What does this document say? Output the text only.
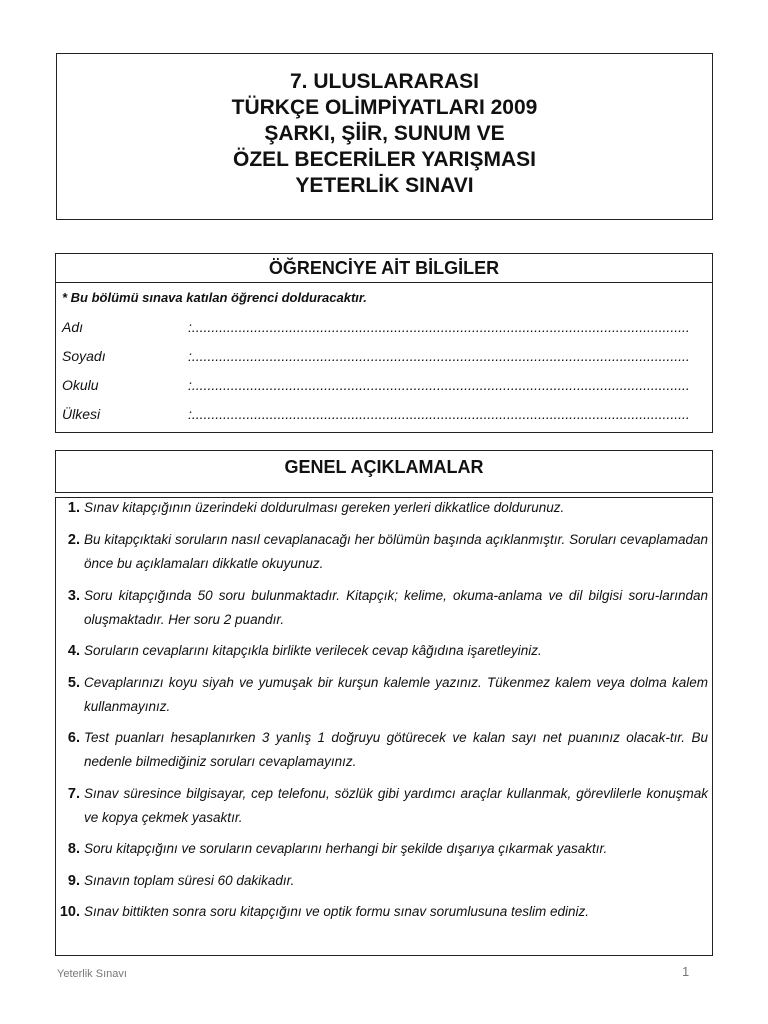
7. ULUSLARARASI
TÜRKÇE OLİMPİYATLARI 2009
ŞARKI, ŞİİR, SUNUM VE
ÖZEL BECERİLER YARIŞMASI
YETERLİK SINAVI
ÖĞRENCİYE AİT BİLGİLER
* Bu bölümü sınava katılan öğrenci dolduracaktır.
Adı	:................................................................................................................................
Soyadı	:................................................................................................................................
Okulu	:................................................................................................................................
Ülkesi	:................................................................................................................................
GENEL AÇIKLAMALAR
1. Sınav kitapçığının üzerindeki doldurulması gereken yerleri dikkatlice doldurunuz.
2. Bu kitapçıktaki soruların nasıl cevaplanacağı her bölümün başında açıklanmıştır. Soruları cevaplamadan önce bu açıklamaları dikkatle okuyunuz.
3. Soru kitapçığında 50 soru bulunmaktadır. Kitapçık; kelime, okuma-anlama ve dil bilgisi soru-larından oluşmaktadır. Her soru 2 puandır.
4. Soruların cevaplarını kitapçıkla birlikte verilecek cevap kâğıdına işaretleyiniz.
5. Cevaplarınızı koyu siyah ve yumuşak bir kurşun kalemle yazınız. Tükenmez kalem veya dolma kalem kullanmayınız.
6. Test puanları hesaplanırken 3 yanlış 1 doğruyu götürecek ve kalan sayı net puanınız olacak-tır. Bu nedenle bilmediğiniz soruları cevaplamayınız.
7. Sınav süresince bilgisayar, cep telefonu, sözlük gibi yardımcı araçlar kullanmak, görevlilerle konuşmak ve kopya çekmek yasaktır.
8. Soru kitapçığını ve soruların cevaplarını herhangi bir şekilde dışarıya çıkarmak yasaktır.
9. Sınavın toplam süresi 60 dakikadır.
10. Sınav bittikten sonra soru kitapçığını ve optik formu sınav sorumlusuna teslim ediniz.
Yeterlik Sınavı	1
